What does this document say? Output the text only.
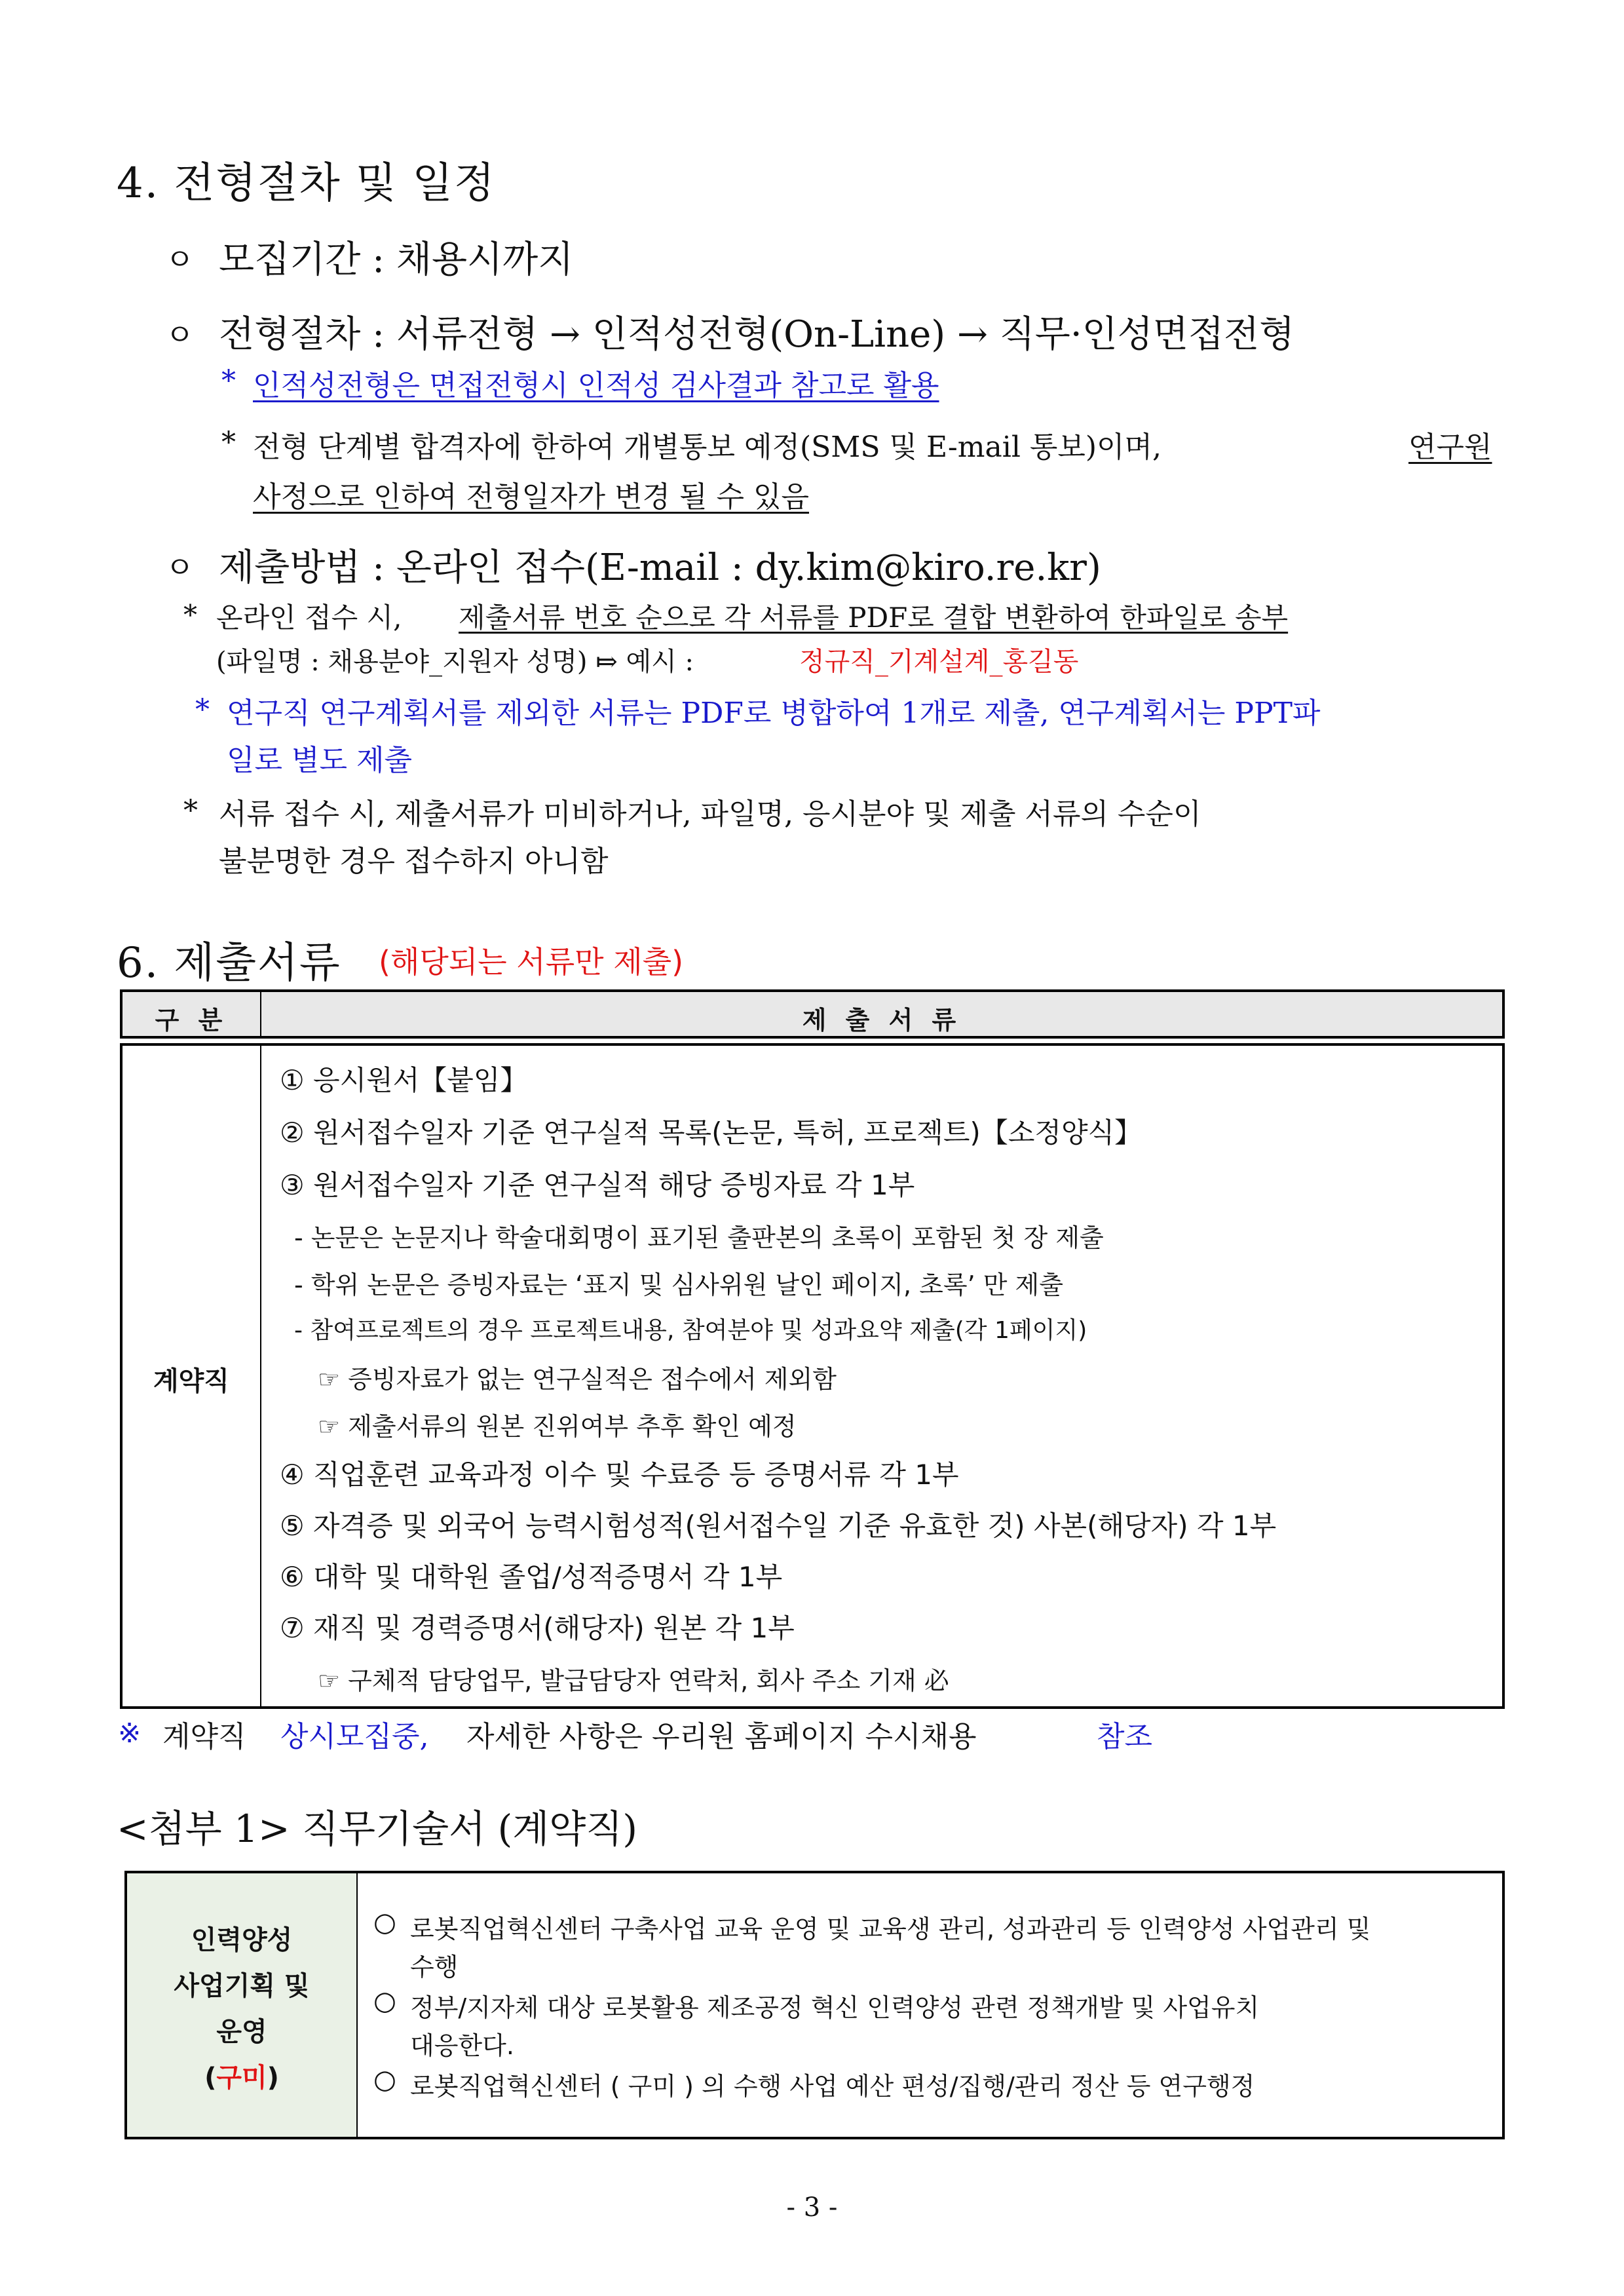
4. 전형절차 및 일정
ㅇ 모집기간 : 채용시까지
ㅇ 전형절차 : 서류전형 → 인적성전형(On-Line) → 직무·인성면접전형
* 인적성전형은 면접전형시 인적성 검사결과 참고로 활용
* 전형 단계별 합격자에 한하여 개별통보 예정(SMS 및 E-mail 통보)이며,	연구원
사정으로 인하여 전형일자가 변경 될 수 있음
ㅇ 제출방법 : 온라인 접수(E-mail : dy.kim@kiro.re.kr)
* 온라인 접수 시, 제출서류 번호 순으로 각 서류를 PDF로 결합 변환하여 한파일로 송부
(파일명 : 채용분야_지원자 성명) ⤇ 예시 :	정규직_기계설계_홍길동
* 연구직 연구계획서를 제외한 서류는 PDF로 병합하여 1개로 제출, 연구계획서는 PPT파
일로 별도 제출
* 서류 접수 시, 제출서류가 미비하거나, 파일명, 응시분야 및 제출 서류의 수순이
불분명한 경우 접수하지 아니함
6. 제출서류 (해당되는 서류만 제출)
구 분	제 출 서 류
계약직
① 응시원서【붙임】
② 원서접수일자 기준 연구실적 목록(논문, 특허, 프로젝트)【소정양식】
③ 원서접수일자 기준 연구실적 해당 증빙자료 각 1부
- 논문은 논문지나 학술대회명이 표기된 출판본의 초록이 포함된 첫 장 제출
- 학위 논문은 증빙자료는 ‘표지 및 심사위원 날인 페이지, 초록’ 만 제출
- 참여프로젝트의 경우 프로젝트내용, 참여분야 및 성과요약 제출(각 1페이지)
☞ 증빙자료가 없는 연구실적은 접수에서 제외함
☞ 제출서류의 원본 진위여부 추후 확인 예정
④ 직업훈련 교육과정 이수 및 수료증 등 증명서류 각 1부
⑤ 자격증 및 외국어 능력시험성적(원서접수일 기준 유효한 것) 사본(해당자) 각 1부
⑥ 대학 및 대학원 졸업/성적증명서 각 1부
⑦ 재직 및 경력증명서(해당자) 원본 각 1부
☞ 구체적 담당업무, 발급담당자 연락처, 회사 주소 기재 必
※ 계약직 상시모집중, 자세한 사항은 우리원 홈페이지 수시채용	참조
<첨부 1> 직무기술서 (계약직)
인력양성
사업기획 및
운영
(구미)
○ 로봇직업혁신센터 구축사업 교육 운영 및 교육생 관리, 성과관리 등 인력양성 사업관리 및
수행
○ 정부/지자체 대상 로봇활용 제조공정 혁신 인력양성 관련 정책개발 및 사업유치
대응한다.
○ 로봇직업혁신센터 ( 구미 ) 의 수행 사업 예산 편성/집행/관리 정산 등 연구행정
- 3 -
